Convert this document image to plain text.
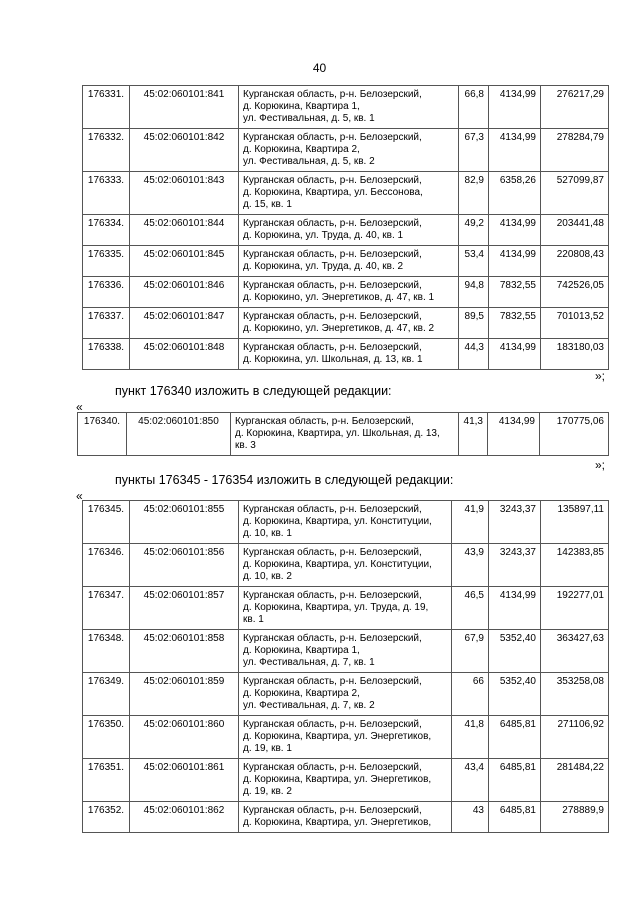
40
176331.	45:02:060101:841	Курганская область, р-н. Белозерский,
д. Корюкина, Квартира 1,
ул. Фестивальная, д. 5, кв. 1	66,8	4134,99	276217,29
176332.	45:02:060101:842	Курганская область, р-н. Белозерский,
д. Корюкина, Квартира 2,
ул. Фестивальная, д. 5, кв. 2	67,3	4134,99	278284,79
176333.	45:02:060101:843	Курганская область, р-н. Белозерский,
д. Корюкина, Квартира, ул. Бессонова,
д. 15, кв. 1	82,9	6358,26	527099,87
176334.	45:02:060101:844	Курганская область, р-н. Белозерский,
д. Корюкина, ул. Труда, д. 40, кв. 1	49,2	4134,99	203441,48
176335.	45:02:060101:845	Курганская область, р-н. Белозерский,
д. Корюкина, ул. Труда, д. 40, кв. 2	53,4	4134,99	220808,43
176336.	45:02:060101:846	Курганская область, р-н. Белозерский,
д. Корюкино, ул. Энергетиков, д. 47, кв. 1	94,8	7832,55	742526,05
176337.	45:02:060101:847	Курганская область, р-н. Белозерский,
д. Корюкино, ул. Энергетиков, д. 47, кв. 2	89,5	7832,55	701013,52
176338.	45:02:060101:848	Курганская область, р-н. Белозерский,
д. Корюкина, ул. Школьная, д. 13, кв. 1	44,3	4134,99	183180,03
»;
пункт 176340 изложить в следующей редакции:
«
176340.	45:02:060101:850	Курганская область, р-н. Белозерский,
д. Корюкина, Квартира, ул. Школьная, д. 13,
кв. 3	41,3	4134,99	170775,06
»;
пункты 176345 - 176354 изложить в следующей редакции:
«
176345.	45:02:060101:855	Курганская область, р-н. Белозерский,
д. Корюкина, Квартира, ул. Конституции,
д. 10, кв. 1	41,9	3243,37	135897,11
176346.	45:02:060101:856	Курганская область, р-н. Белозерский,
д. Корюкина, Квартира, ул. Конституции,
д. 10, кв. 2	43,9	3243,37	142383,85
176347.	45:02:060101:857	Курганская область, р-н. Белозерский,
д. Корюкина, Квартира, ул. Труда, д. 19,
кв. 1	46,5	4134,99	192277,01
176348.	45:02:060101:858	Курганская область, р-н. Белозерский,
д. Корюкина, Квартира 1,
ул. Фестивальная, д. 7, кв. 1	67,9	5352,40	363427,63
176349.	45:02:060101:859	Курганская область, р-н. Белозерский,
д. Корюкина, Квартира 2,
ул. Фестивальная, д. 7, кв. 2	66	5352,40	353258,08
176350.	45:02:060101:860	Курганская область, р-н. Белозерский,
д. Корюкина, Квартира, ул. Энергетиков,
д. 19, кв. 1	41,8	6485,81	271106,92
176351.	45:02:060101:861	Курганская область, р-н. Белозерский,
д. Корюкина, Квартира, ул. Энергетиков,
д. 19, кв. 2	43,4	6485,81	281484,22
176352.	45:02:060101:862	Курганская область, р-н. Белозерский,
д. Корюкина, Квартира, ул. Энергетиков,	43	6485,81	278889,9
